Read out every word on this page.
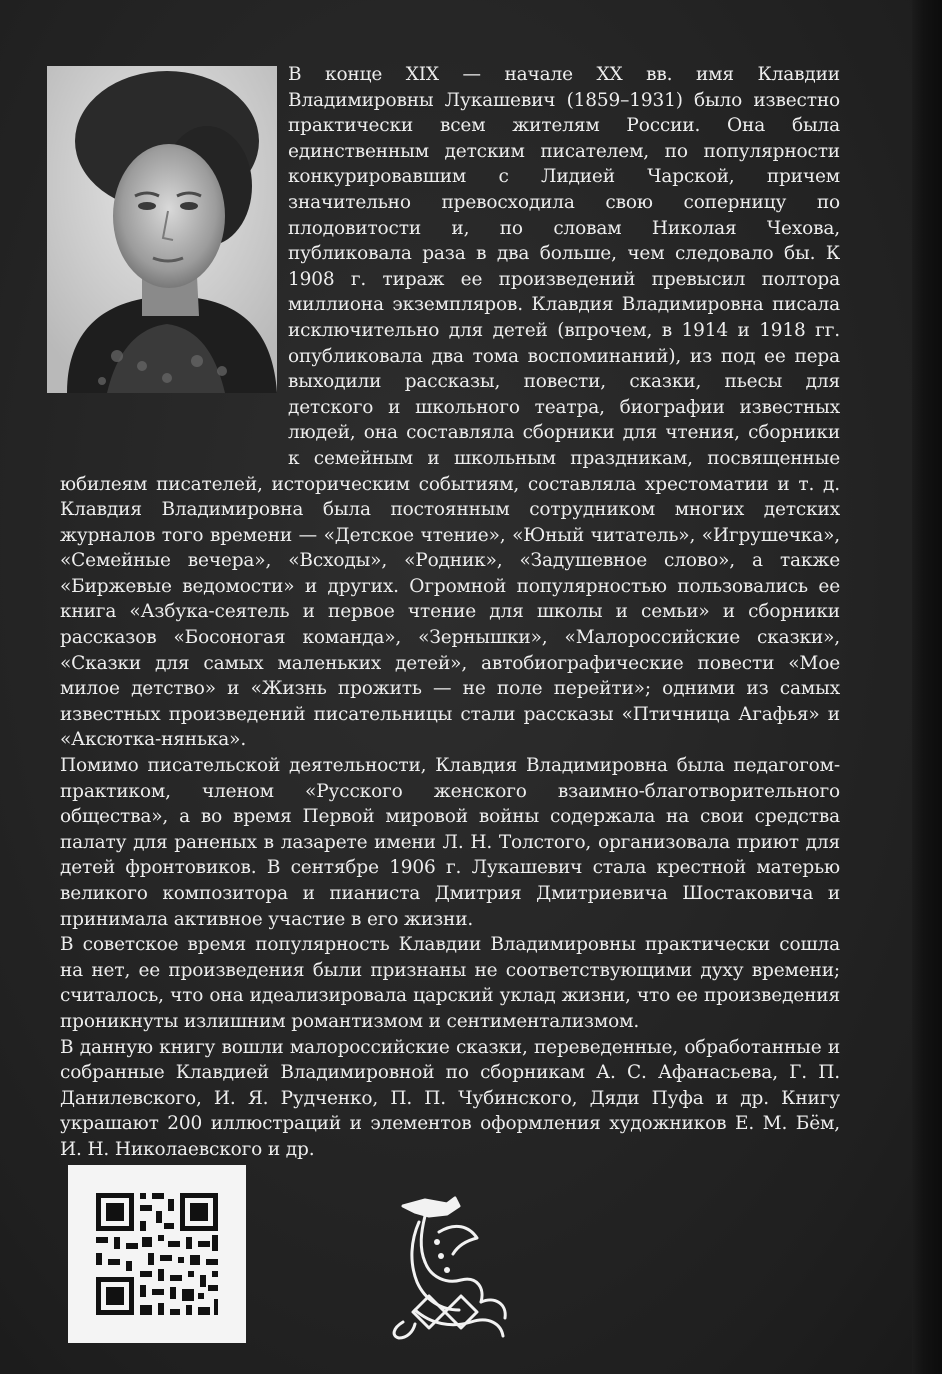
В конце XIX — начале XX вв. имя Клавдии Владимировны Лукашевич (1859–1931) было известно практически всем жителям России. Она была единственным детским писателем, по популярности конкурировавшим с Лидией Чарской, причем значительно превосходила свою соперницу по плодовитости и, по словам Николая Чехова, публиковала раза в два больше, чем следовало бы. К 1908 г. тираж ее произведений превысил полтора миллиона экземпляров. Клавдия Владимировна писала исключительно для детей (впрочем, в 1914 и 1918 гг. опубликовала два тома воспоминаний), из под ее пера выходили рассказы, повести, сказки, пьесы для детского и школьного театра, биографии известных людей, она составляла сборники для чтения, сборники к семейным и школьным праздникам, посвященные юбилеям писателей, историческим событиям, составляла хрестоматии и т. д. Клавдия Владимировна была постоянным сотрудником многих детских журналов того времени — «Детское чтение», «Юный читатель», «Игрушечка», «Семейные вечера», «Всходы», «Родник», «Задушевное слово», а также «Биржевые ведомости» и других. Огромной популярностью пользовались ее книга «Азбука-сеятель и первое чтение для школы и семьи» и сборники рассказов «Босоногая команда», «Зернышки», «Малороссийские сказки», «Сказки для самых маленьких детей», автобиографические повести «Мое милое детство» и «Жизнь прожить — не поле перейти»; одними из самых известных произведений писательницы стали рассказы «Птичница Агафья» и «Аксютка-нянька».

Помимо писательской деятельности, Клавдия Владимировна была педагогом-практиком, членом «Русского женского взаимно-благотворительного общества», а во время Первой мировой войны содержала на свои средства палату для раненых в лазарете имени Л. Н. Толстого, организовала приют для детей фронтовиков. В сентябре 1906 г. Лукашевич стала крестной матерью великого композитора и пианиста Дмитрия Дмитриевича Шостаковича и принимала активное участие в его жизни.

В советское время популярность Клавдии Владимировны практически сошла на нет, ее произведения были признаны не соответствующими духу времени; считалось, что она идеализировала царский уклад жизни, что ее произведения проникнуты излишним романтизмом и сентиментализмом.

В данную книгу вошли малороссийские сказки, переведенные, обработанные и собранные Клавдией Владимировной по сборникам А. С. Афанасьева, Г. П. Данилевского, И. Я. Рудченко, П. П. Чубинского, Дяди Пуфа и др. Книгу украшают 200 иллюстраций и элементов оформления художников Е. М. Бём, И. Н. Николаевского и др.
